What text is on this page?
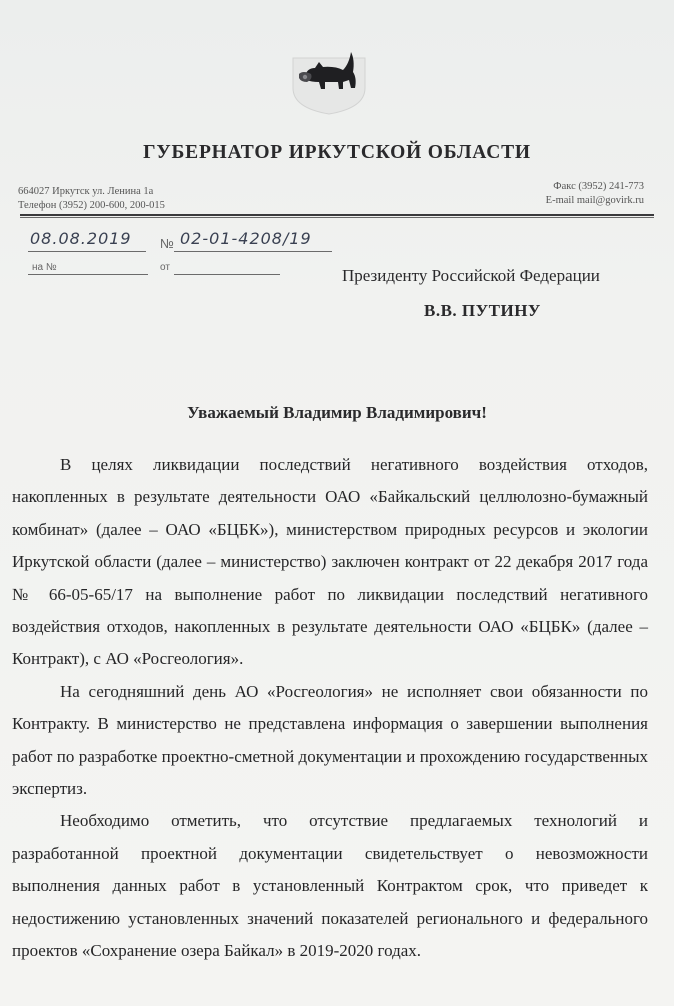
ГУБЕРНАТОР ИРКУТСКОЙ ОБЛАСТИ
664027 Иркутск ул. Ленина 1а
Телефон (3952) 200-600, 200-015
Факс (3952) 241-773
E-mail mail@govirk.ru
08.08.2019 № 02-01-4208/19
на №	от	Президенту Российской Федерации
В.В. ПУТИНУ
Уважаемый Владимир Владимирович!

В целях ликвидации последствий негативного воздействия отходов, накопленных в результате деятельности ОАО «Байкальский целлюлозно-бумажный комбинат» (далее – ОАО «БЦБК»), министерством природных ресурсов и экологии Иркутской области (далее – министерство) заключен контракт от 22 декабря 2017 года № 66-05-65/17 на выполнение работ по ликвидации последствий негативного воздействия отходов, накопленных в результате деятельности ОАО «БЦБК» (далее – Контракт), с АО «Росгеология».

На сегодняшний день АО «Росгеология» не исполняет свои обязанности по Контракту. В министерство не представлена информация о завершении выполнения работ по разработке проектно-сметной документации и прохождению государственных экспертиз.

Необходимо отметить, что отсутствие предлагаемых технологий и разработанной проектной документации свидетельствует о невозможности выполнения данных работ в установленный Контрактом срок, что приведет к недостижению установленных значений показателей регионального и федерального проектов «Сохранение озера Байкал» в 2019-2020 годах.
